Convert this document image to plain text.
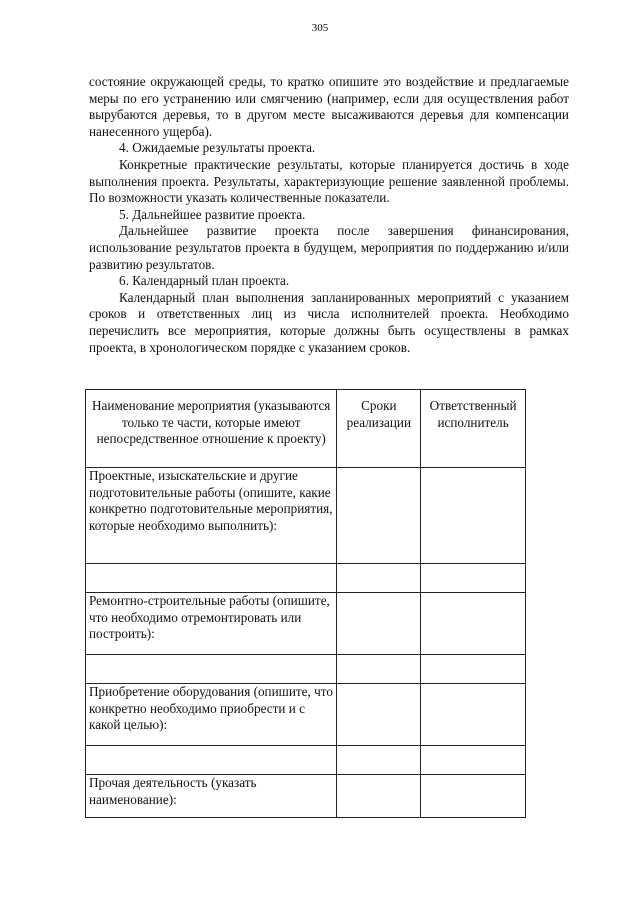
305

состояние окружающей среды, то кратко опишите это воздействие и предлагаемые меры по его устранению или смягчению (например, если для осуществления работ вырубаются деревья, то в другом месте высаживаются деревья для компенсации нанесенного ущерба).

4. Ожидаемые результаты проекта.

Конкретные практические результаты, которые планируется достичь в ходе выполнения проекта. Результаты, характеризующие решение заявленной проблемы. По возможности указать количественные показатели.

5. Дальнейшее развитие проекта.

Дальнейшее развитие проекта после завершения финансирования, использование результатов проекта в будущем, мероприятия по поддержанию и/или развитию результатов.

6. Календарный план проекта.

Календарный план выполнения запланированных мероприятий с указанием сроков и ответственных лиц из числа исполнителей проекта. Необходимо перечислить все мероприятия, которые должны быть осуществлены в рамках проекта, в хронологическом порядке с указанием сроков.

Наименование мероприятия (указываются только те части, которые имеют непосредственное отношение к проекту)	Сроки реализации	Ответственный исполнитель
Проектные, изыскательские и другие подготовительные работы (опишите, какие конкретно подготовительные мероприятия, которые необходимо выполнить):		

Ремонтно-строительные работы (опишите, что необходимо отремонтировать или построить):		

Приобретение оборудования (опишите, что конкретно необходимо приобрести и с какой целью):		

Прочая деятельность (указать наименование):		
